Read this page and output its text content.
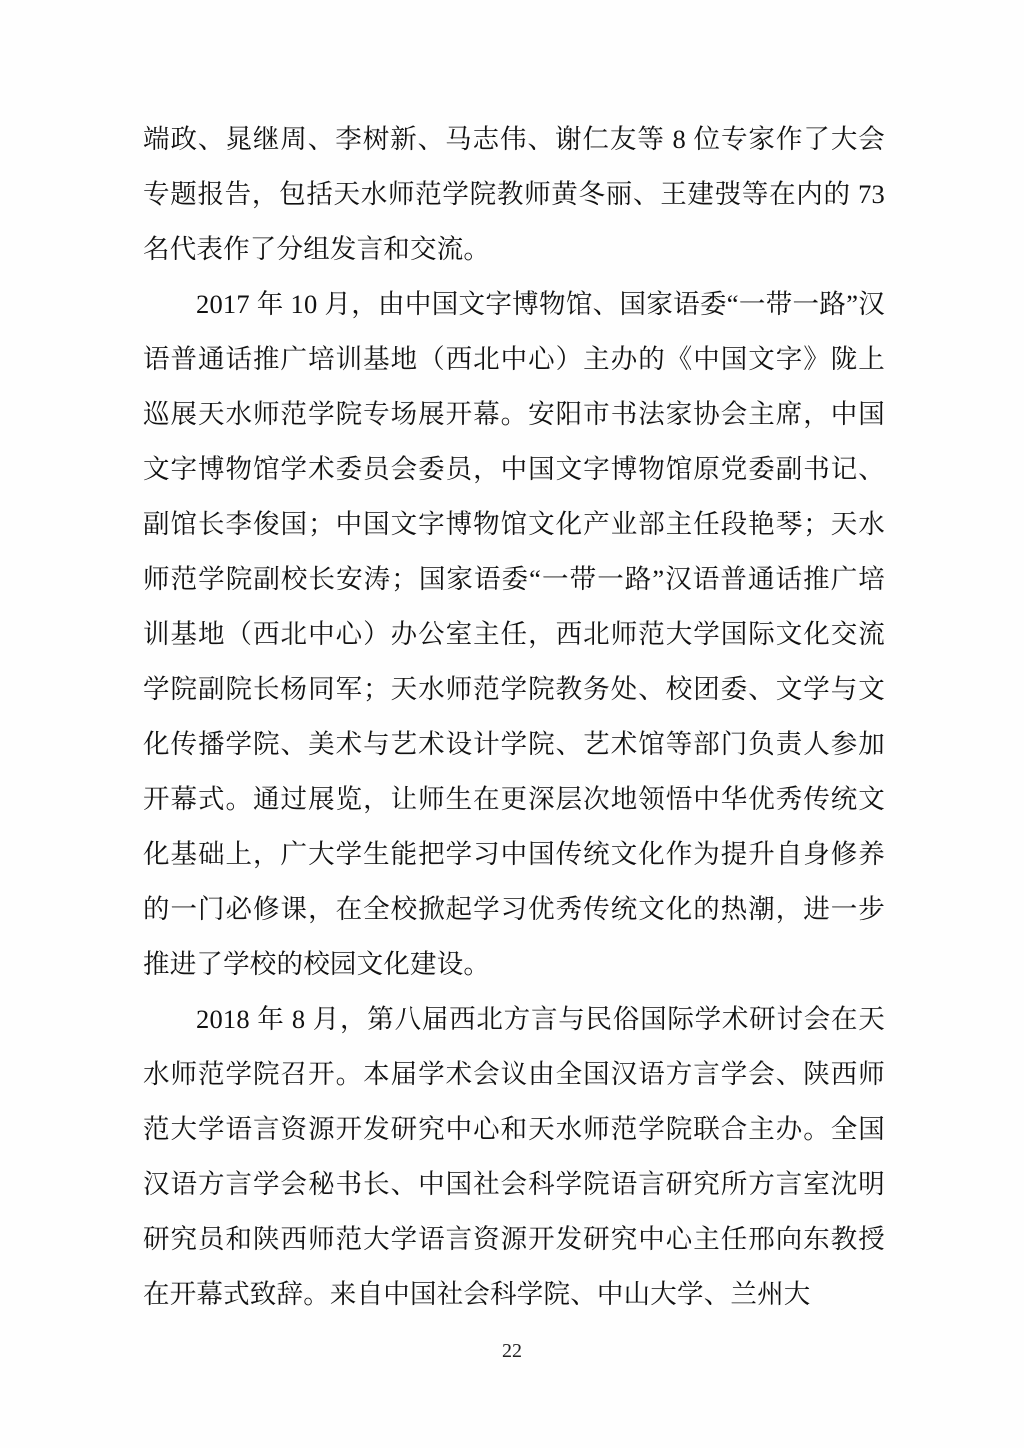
端政、晁继周、李树新、马志伟、谢仁友等 8 位专家作了大会专题报告，包括天水师范学院教师黄冬丽、王建弢等在内的 73 名代表作了分组发言和交流。

2017 年 10 月，由中国文字博物馆、国家语委“一带一路”汉语普通话推广培训基地（西北中心）主办的《中国文字》陇上巡展天水师范学院专场展开幕。安阳市书法家协会主席，中国文字博物馆学术委员会委员，中国文字博物馆原党委副书记、副馆长李俊国；中国文字博物馆文化产业部主任段艳琴；天水师范学院副校长安涛；国家语委“一带一路”汉语普通话推广培训基地（西北中心）办公室主任，西北师范大学国际文化交流学院副院长杨同军；天水师范学院教务处、校团委、文学与文化传播学院、美术与艺术设计学院、艺术馆等部门负责人参加开幕式。通过展览，让师生在更深层次地领悟中华优秀传统文化基础上，广大学生能把学习中国传统文化作为提升自身修养的一门必修课，在全校掀起学习优秀传统文化的热潮，进一步推进了学校的校园文化建设。

2018 年 8 月，第八届西北方言与民俗国际学术研讨会在天水师范学院召开。本届学术会议由全国汉语方言学会、陕西师范大学语言资源开发研究中心和天水师范学院联合主办。全国汉语方言学会秘书长、中国社会科学院语言研究所方言室沈明研究员和陕西师范大学语言资源开发研究中心主任邢向东教授在开幕式致辞。来自中国社会科学院、中山大学、兰州大

22
